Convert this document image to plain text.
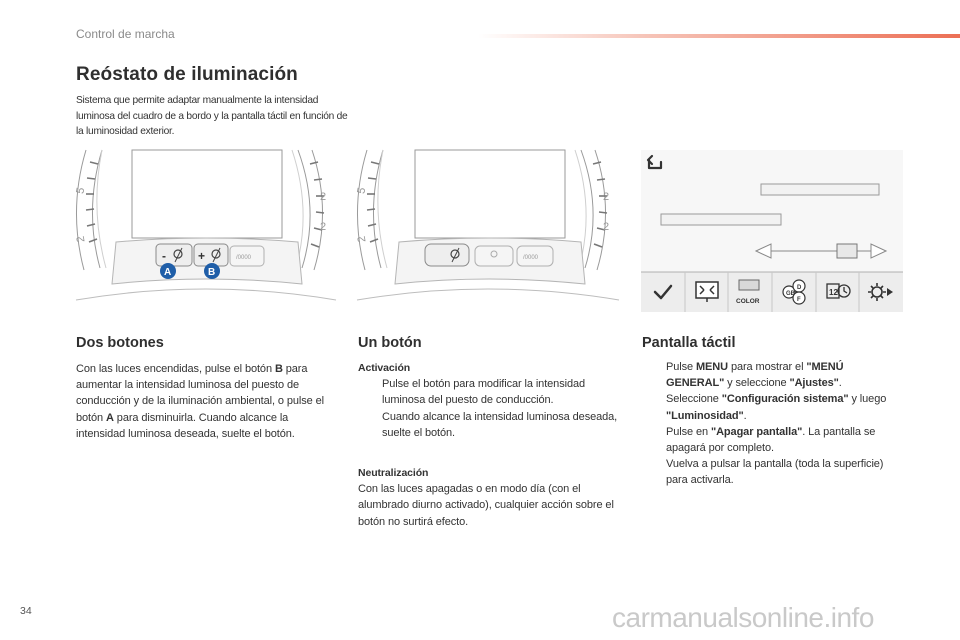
Control de marcha
Reóstato de iluminación

Sistema que permite adaptar manualmente la intensidad luminosa del cuadro de a bordo y la pantalla táctil en función de la luminosidad exterior.

5
2
2
2
-	+	/0000
A	B
5
2
2
2
/0000
COLOR
GB
D
F
12
Dos botones
Con las luces encendidas, pulse el botón B para aumentar la intensidad luminosa del puesto de conducción y de la iluminación ambiental, o pulse el botón A para disminuirla. Cuando alcance la intensidad luminosa deseada, suelte el botón.
Un botón
Activación
Pulse el botón para modificar la intensidad luminosa del puesto de conducción.
Cuando alcance la intensidad luminosa deseada, suelte el botón.
Neutralización
Con las luces apagadas o en modo día (con el alumbrado diurno activado), cualquier acción sobre el botón no surtirá efecto.
Pantalla táctil
Pulse MENU para mostrar el "MENÚ GENERAL" y seleccione "Ajustes".
Seleccione "Configuración sistema" y luego "Luminosidad".
Pulse en "Apagar pantalla". La pantalla se apagará por completo.
Vuelva a pulsar la pantalla (toda la superficie) para activarla.
34	carmanualsonline.info
